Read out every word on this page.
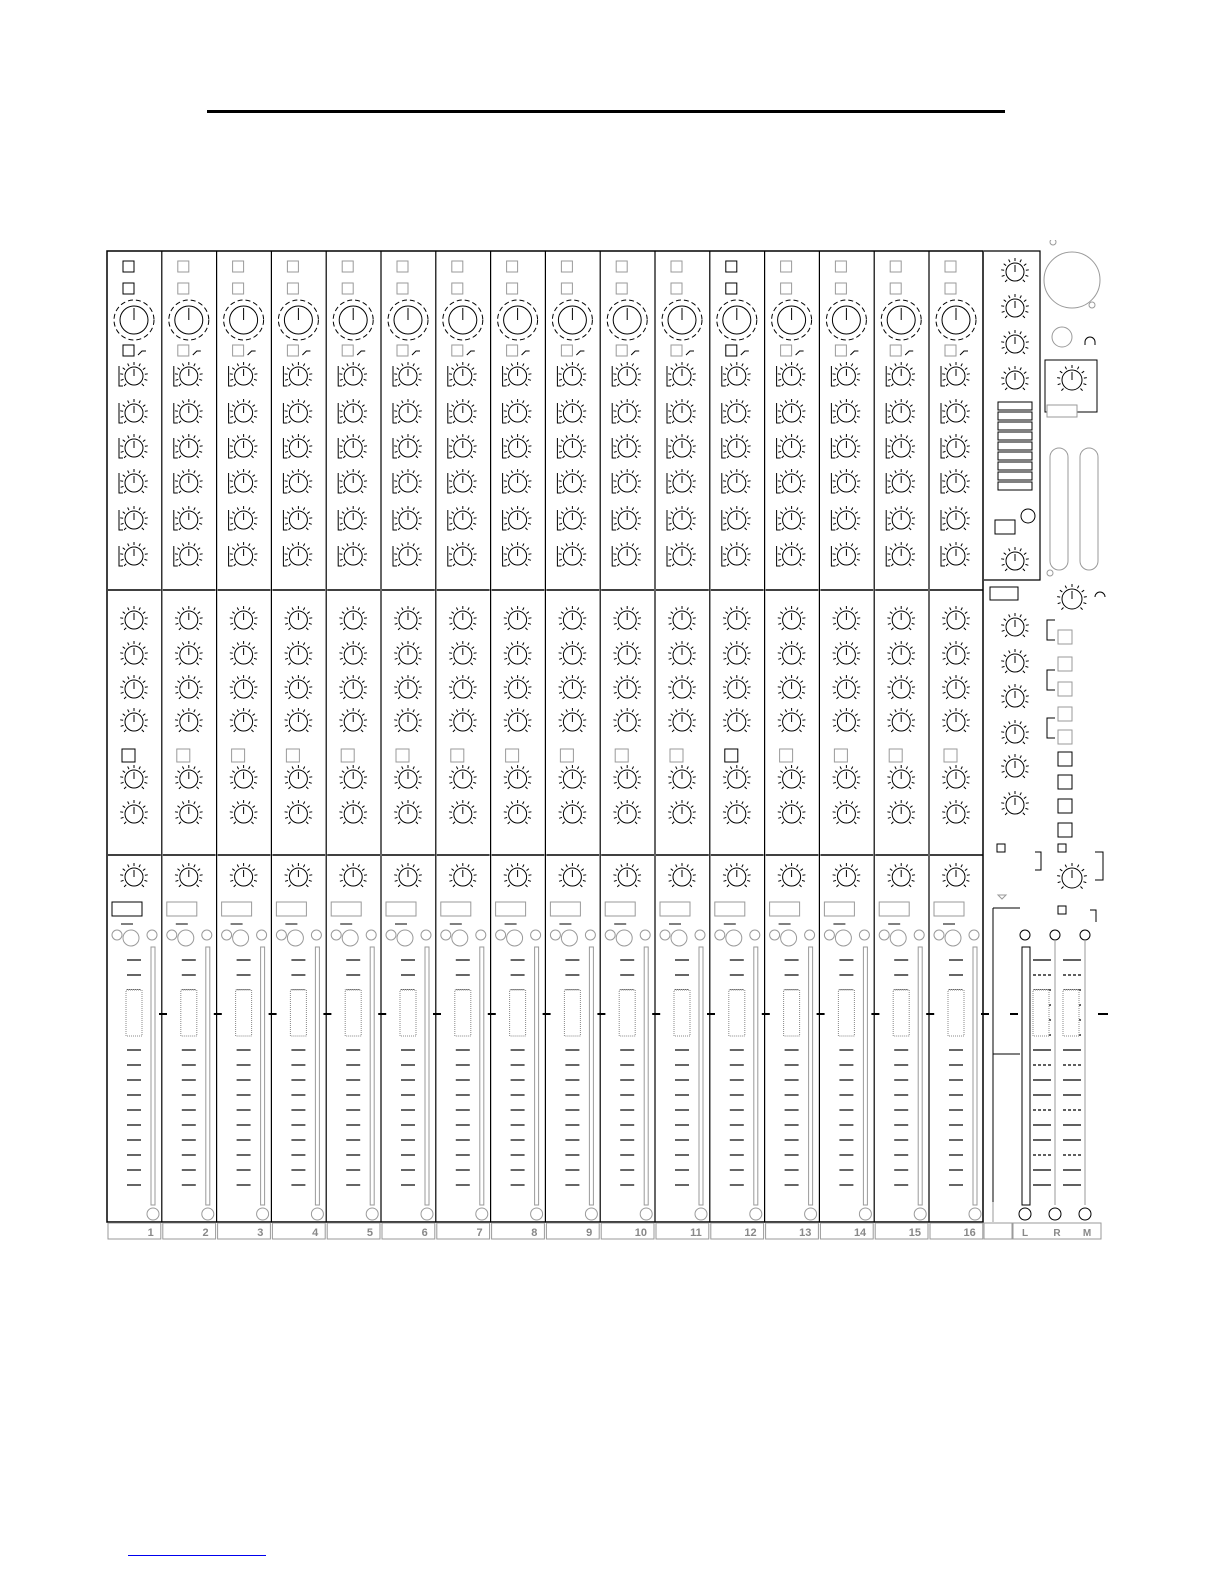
1	2	3	4	5	6	7	8	9	10	11	12	13	14	15	16	L	R M
